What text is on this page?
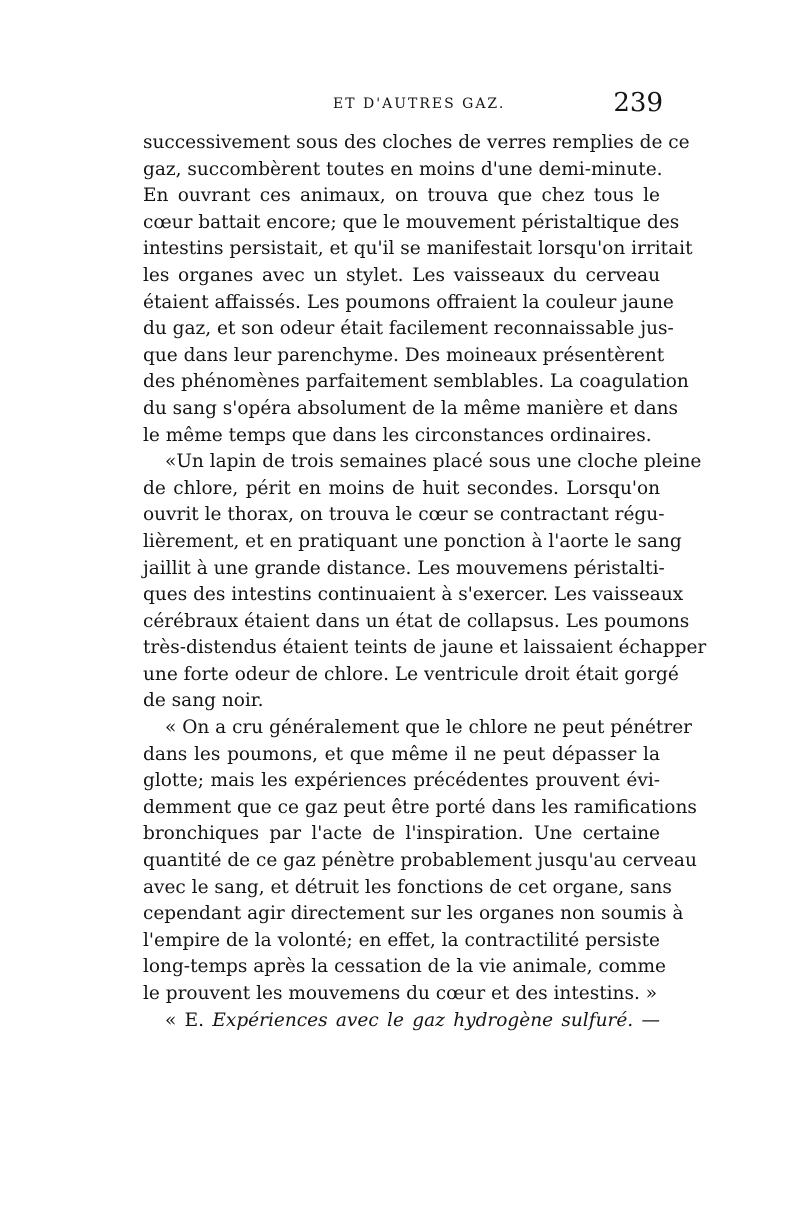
ET D'AUTRES GAZ.	239
successivement sous des cloches de verres remplies de ce
gaz, succombèrent toutes en moins d'une demi-minute.
En ouvrant ces animaux, on trouva que chez tous le
cœur battait encore; que le mouvement péristaltique des
intestins persistait, et qu'il se manifestait lorsqu'on irritait
les organes avec un stylet. Les vaisseaux du cerveau
étaient affaissés. Les poumons offraient la couleur jaune
du gaz, et son odeur était facilement reconnaissable jus-
que dans leur parenchyme. Des moineaux présentèrent
des phénomènes parfaitement semblables. La coagulation
du sang s'opéra absolument de la même manière et dans
le même temps que dans les circonstances ordinaires.
«Un lapin de trois semaines placé sous une cloche pleine
de chlore, périt en moins de huit secondes. Lorsqu'on
ouvrit le thorax, on trouva le cœur se contractant régu-
lièrement, et en pratiquant une ponction à l'aorte le sang
jaillit à une grande distance. Les mouvemens péristalti-
ques des intestins continuaient à s'exercer. Les vaisseaux
cérébraux étaient dans un état de collapsus. Les poumons
très-distendus étaient teints de jaune et laissaient échapper
une forte odeur de chlore. Le ventricule droit était gorgé
de sang noir.
« On a cru généralement que le chlore ne peut pénétrer
dans les poumons, et que même il ne peut dépasser la
glotte; mais les expériences précédentes prouvent évi-
demment que ce gaz peut être porté dans les ramifications
bronchiques par l'acte de l'inspiration. Une certaine
quantité de ce gaz pénètre probablement jusqu'au cerveau
avec le sang, et détruit les fonctions de cet organe, sans
cependant agir directement sur les organes non soumis à
l'empire de la volonté; en effet, la contractilité persiste
long-temps après la cessation de la vie animale, comme
le prouvent les mouvemens du cœur et des intestins. »
« E. Expériences avec le gaz hydrogène sulfuré. —
